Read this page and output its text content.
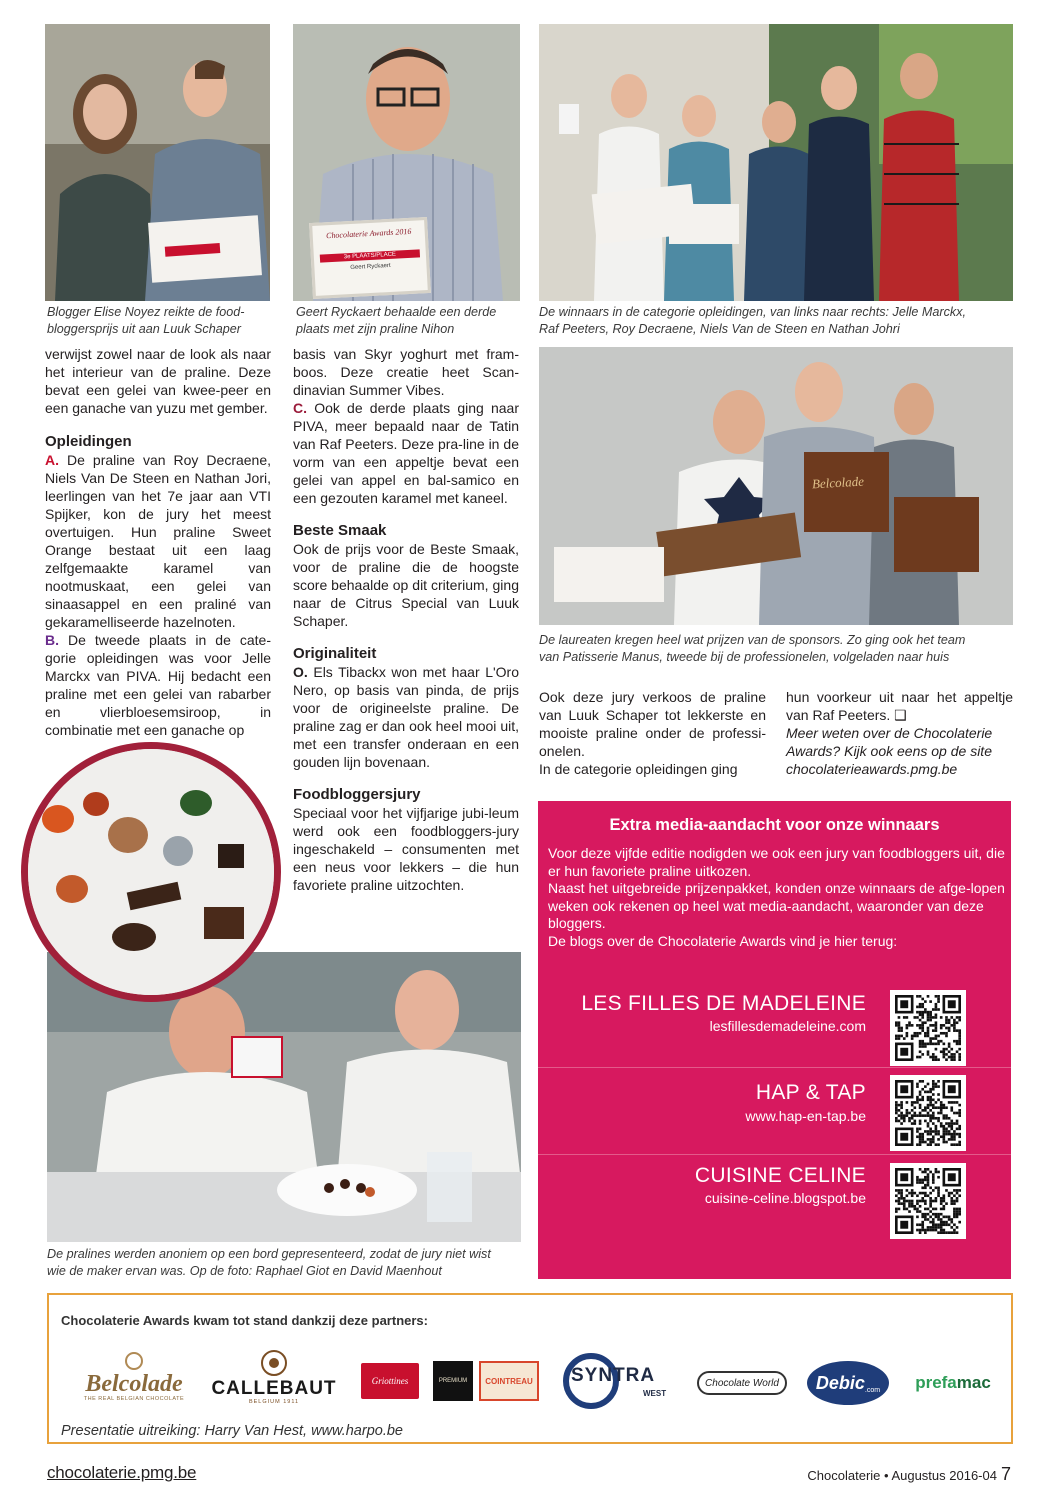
Chocolaterie Awards 2016
3e PLAATS/PLACE
Geert Ryckaert
Belcolade
Blogger Elise Noyez reikte de food-
bloggersprijs uit aan Luuk Schaper
Geert Ryckaert behaalde een derde
plaats met zijn praline Nihon
De winnaars in de categorie opleidingen, van links naar rechts: Jelle Marckx,
Raf Peeters, Roy Decraene, Niels Van de Steen en Nathan Johri
De laureaten kregen heel wat prijzen van de sponsors. Zo ging ook het team
van Patisserie Manus, tweede bij de professionelen, volgeladen naar huis
De pralines werden anoniem op een bord gepresenteerd, zodat de jury niet wist
wie de maker ervan was. Op de foto: Raphael Giot en David Maenhout

verwijst zowel naar de look als naar het interieur van de praline. Deze bevat een gelei van kwee-peer en een ganache van yuzu met gember.

Opleidingen

A. De praline van Roy Decraene, Niels Van De Steen en Nathan Jori, leerlingen van het 7e jaar aan VTI Spijker, kon de jury het meest overtuigen. Hun praline Sweet Orange bestaat uit een laag zelfgemaakte karamel van nootmuskaat, een gelei van sinaasappel en een praliné van gekaramelliseerde hazelnoten.

B. De tweede plaats in de cate-gorie opleidingen was voor Jelle Marckx van PIVA. Hij bedacht een praline met een gelei van rabarber en vlierbloesemsiroop, in combinatie met een ganache op

basis van Skyr yoghurt met fram-boos. Deze creatie heet Scan-dinavian Summer Vibes.

C. Ook de derde plaats ging naar PIVA, meer bepaald naar de Tatin van Raf Peeters. Deze pra-line in de vorm van een appeltje bevat een gelei van appel en bal-samico en een gezouten karamel met kaneel.

Beste Smaak

Ook de prijs voor de Beste Smaak, voor de praline die de hoogste score behaalde op dit criterium, ging naar de Citrus Special van Luuk Schaper.

Originaliteit

O. Els Tibackx won met haar L'Oro Nero, op basis van pinda, de prijs voor de origineelste praline. De praline zag er dan ook heel mooi uit, met een transfer onderaan en een gouden lijn bovenaan.

Foodbloggersjury

Speciaal voor het vijfjarige jubi-leum werd ook een foodbloggers-jury ingeschakeld – consumenten met een neus voor lekkers – die hun favoriete praline uitzochten.

Ook deze jury verkoos de praline van Luuk Schaper tot lekkerste en mooiste praline onder de professi-onelen.

In de categorie opleidingen ging

hun voorkeur uit naar het appeltje van Raf Peeters. ❑

Meer weten over de Chocolaterie Awards? Kijk ook eens op de site chocolaterieawards.pmg.be

Extra media-aandacht voor onze winnaars

Voor deze vijfde editie nodigden we ook een jury van foodbloggers uit, die er hun favoriete praline uitkozen.

Naast het uitgebreide prijzenpakket, konden onze winnaars de afge-lopen weken ook rekenen op heel wat media-aandacht, waaronder van deze bloggers.

De blogs over de Chocolaterie Awards vind je hier terug:

LES FILLES DE MADELEINE
lesfillesdemadeleine.com
HAP & TAP
www.hap-en-tap.be
CUISINE CELINE
cuisine-celine.blogspot.be
Chocolaterie Awards kwam tot stand dankzij deze partners:
Belcolade
THE REAL BELGIAN CHOCOLATE
CALLEBAUT
BELGIUM 1911
Griottines	PREMIUM COINTREAU SYNTRA
WEST
Chocolate World Debic .com prefa mac
Presentatie uitreiking: Harry Van Hest, www.harpo.be
chocolaterie.pmg.be	Chocolaterie • Augustus 2016-04 7
